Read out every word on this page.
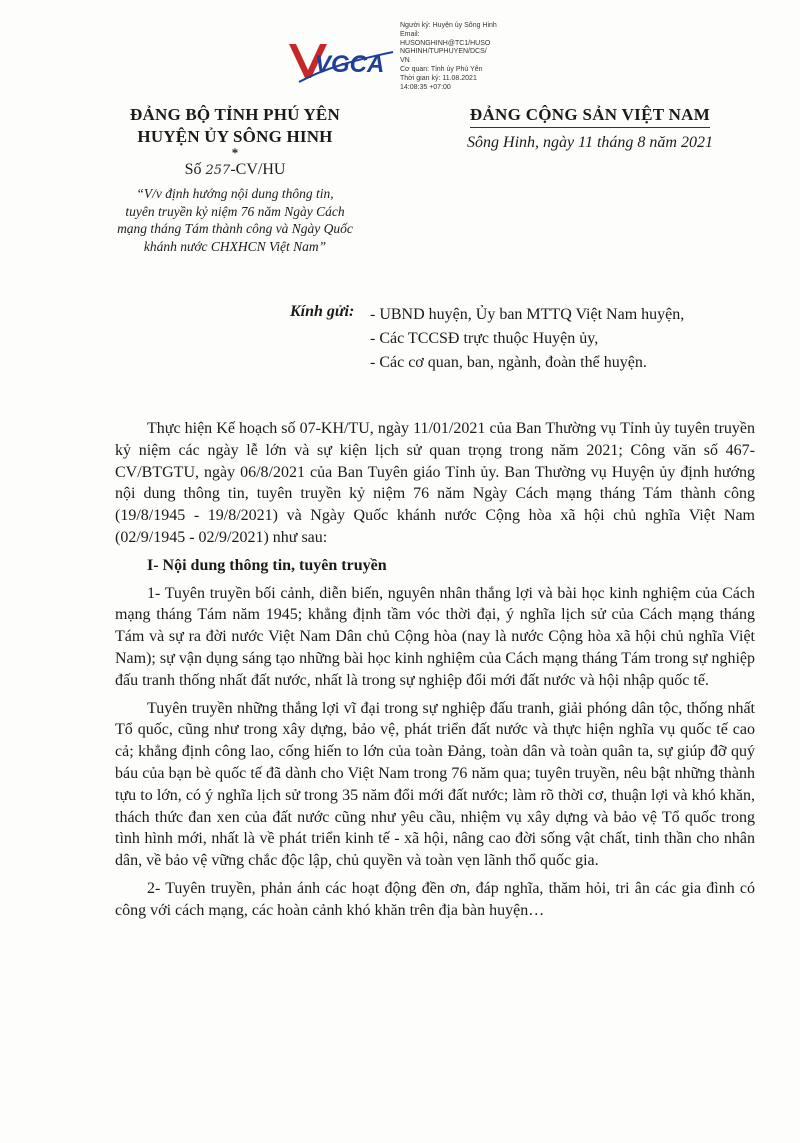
VGCA
Người ký: Huyện ủy Sông Hinh
Email:
HUSONGHINH@TC1/HUSO
NGHINH/TUPHUYEN/DCS/
VN
Cơ quan: Tỉnh ủy Phú Yên
Thời gian ký: 11.08.2021
14:08:35 +07:00
ĐẢNG BỘ TỈNH PHÚ YÊN
HUYỆN ỦY SÔNG HINH
*
Số 257-CV/HU
“V/v định hướng nội dung thông tin,
tuyên truyền kỷ niệm 76 năm Ngày Cách
mạng tháng Tám thành công và Ngày Quốc
khánh nước CHXHCN Việt Nam”
ĐẢNG CỘNG SẢN VIỆT NAM
Sông Hinh, ngày 11 tháng 8 năm 2021
Kính gửi: - UBND huyện, Ủy ban MTTQ Việt Nam huyện,
- Các TCCSĐ trực thuộc Huyện ủy,
- Các cơ quan, ban, ngành, đoàn thể huyện.

Thực hiện Kế hoạch số 07-KH/TU, ngày 11/01/2021 của Ban Thường vụ Tỉnh ủy tuyên truyền kỷ niệm các ngày lễ lớn và sự kiện lịch sử quan trọng trong năm 2021; Công văn số 467-CV/BTGTU, ngày 06/8/2021 của Ban Tuyên giáo Tỉnh ủy. Ban Thường vụ Huyện ủy định hướng nội dung thông tin, tuyên truyền kỷ niệm 76 năm Ngày Cách mạng tháng Tám thành công (19/8/1945 - 19/8/2021) và Ngày Quốc khánh nước Cộng hòa xã hội chủ nghĩa Việt Nam (02/9/1945 - 02/9/2021) như sau:

I- Nội dung thông tin, tuyên truyền

1- Tuyên truyền bối cảnh, diễn biến, nguyên nhân thắng lợi và bài học kinh nghiệm của Cách mạng tháng Tám năm 1945; khẳng định tầm vóc thời đại, ý nghĩa lịch sử của Cách mạng tháng Tám và sự ra đời nước Việt Nam Dân chủ Cộng hòa (nay là nước Cộng hòa xã hội chủ nghĩa Việt Nam); sự vận dụng sáng tạo những bài học kinh nghiệm của Cách mạng tháng Tám trong sự nghiệp đấu tranh thống nhất đất nước, nhất là trong sự nghiệp đổi mới đất nước và hội nhập quốc tế.

Tuyên truyền những thắng lợi vĩ đại trong sự nghiệp đấu tranh, giải phóng dân tộc, thống nhất Tổ quốc, cũng như trong xây dựng, bảo vệ, phát triển đất nước và thực hiện nghĩa vụ quốc tế cao cả; khẳng định công lao, cống hiến to lớn của toàn Đảng, toàn dân và toàn quân ta, sự giúp đỡ quý báu của bạn bè quốc tế đã dành cho Việt Nam trong 76 năm qua; tuyên truyền, nêu bật những thành tựu to lớn, có ý nghĩa lịch sử trong 35 năm đổi mới đất nước; làm rõ thời cơ, thuận lợi và khó khăn, thách thức đan xen của đất nước cũng như yêu cầu, nhiệm vụ xây dựng và bảo vệ Tổ quốc trong tình hình mới, nhất là về phát triển kinh tế - xã hội, nâng cao đời sống vật chất, tinh thần cho nhân dân, về bảo vệ vững chắc độc lập, chủ quyền và toàn vẹn lãnh thổ quốc gia.

2- Tuyên truyền, phản ánh các hoạt động đền ơn, đáp nghĩa, thăm hỏi, tri ân các gia đình có công với cách mạng, các hoàn cảnh khó khăn trên địa bàn huyện…
